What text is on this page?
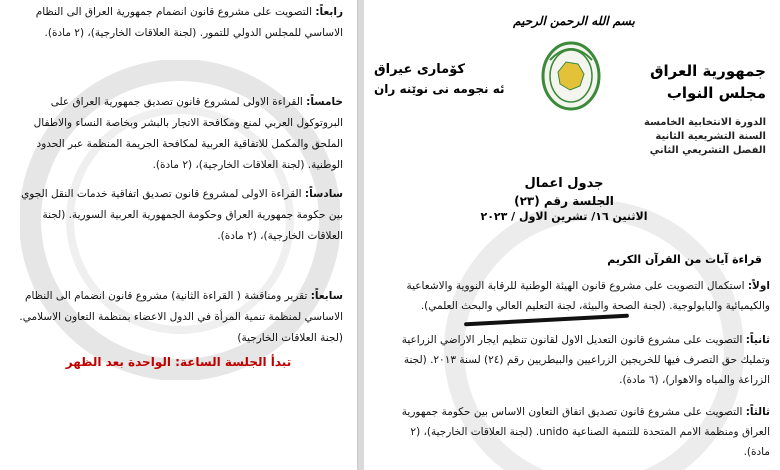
رابعاً: التصويت على مشروع قانون انضمام جمهورية العراق الى النظام الاساسي للمجلس الدولي للتمور. (لجنة العلاقات الخارجية)، (٢ مادة).
خامساً: القراءة الاولى لمشروع قانون تصديق جمهورية العراق على البروتوكول العربي لمنع ومكافحة الاتجار بالبشر وبخاصة النساء والاطفال الملحق والمكمل للاتفاقية العربية لمكافحة الجريمة المنظمة عبر الحدود الوطنية. (لجنة العلاقات الخارجية)، (٢ مادة).
سادساً: القراءة الاولى لمشروع قانون تصديق اتفاقية خدمات النقل الجوي بين حكومة جمهورية العراق وحكومة الجمهورية العربية السورية. (لجنة العلاقات الخارجية)، (٢ مادة).
سابعاً: تقرير ومناقشة ( القراءة الثانية) مشروع قانون انضمام الى النظام الاساسي لمنظمة تنمية المرأة في الدول الاعضاء بمنظمة التعاون الاسلامي. (لجنة العلاقات الخارجية)
تبدأ الجلسة الساعة: الواحدة بعد الظهر
بسم الله الرحمن الرحيم
جمهورية العراق
مجلس النواب
كۆماری عیراق
ئه نجومه نی نوێنه ران
الدورة الانتخابية الخامسة
السنة التشريعية الثانية
الفصل التشريعي الثاني
جدول اعمال
الجلسة رقم (٢٣)
الاثنين ١٦/ تشرين الاول / ٢٠٢٣
قراءة آيات من القرآن الكريم
اولاً: استكمال التصويت على مشروع قانون الهيئة الوطنية للرقابة النووية والاشعاعية والكيميائية والبايولوجية. (لجنة الصحة والبيئة، لجنة التعليم العالي والبحث العلمي).
ثانياً: التصويت على مشروع قانون التعديل الاول لقانون تنظيم ايجار الاراضي الزراعية وتمليك حق التصرف فيها للخريجين الزراعيين والبيطريين رقم (٢٤) لسنة ٢٠١٣. (لجنة الزراعة والمياه والاهوار)، (٦ مادة).
ثالثاً: التصويت على مشروع قانون تصديق اتفاق التعاون الاساس بين حكومة جمهورية العراق ومنظمة الامم المتحدة للتنمية الصناعية unido. (لجنة العلاقات الخارجية)، (٢ مادة).
